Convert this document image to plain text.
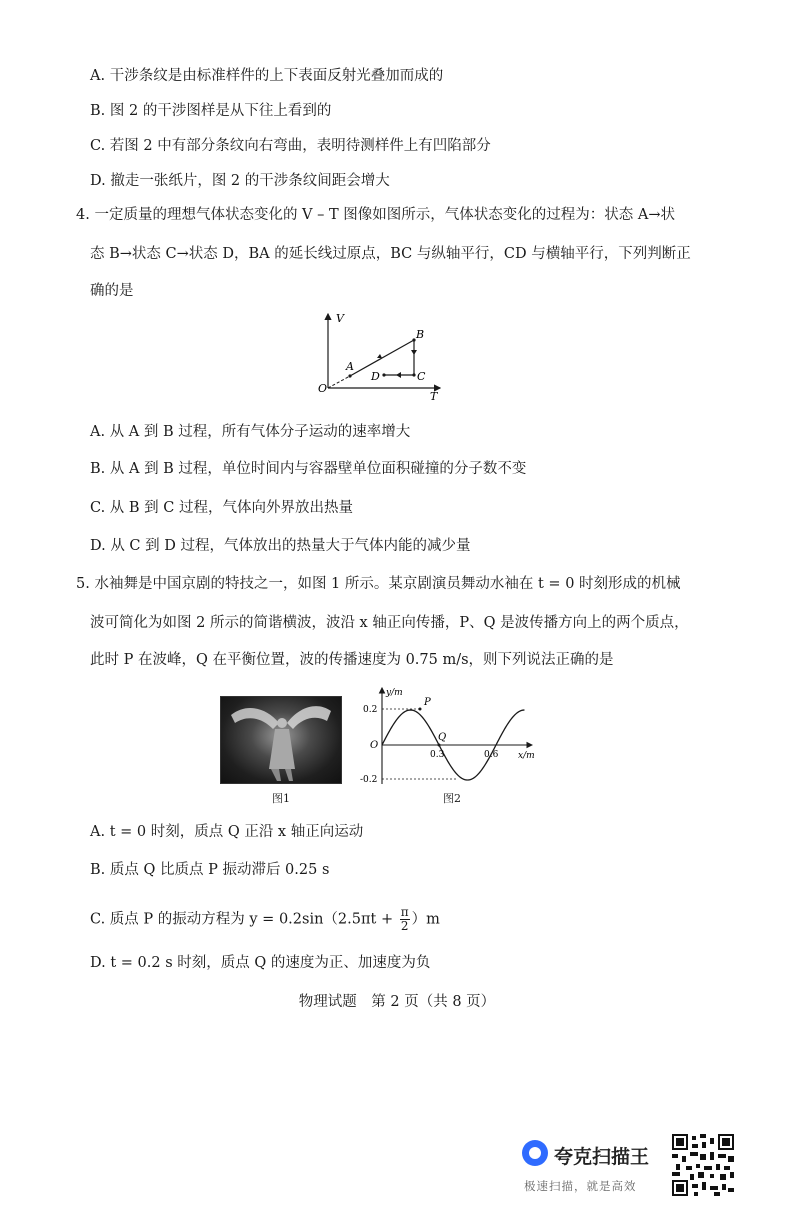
A. 干涉条纹是由标准样件的上下表面反射光叠加而成的
B. 图 2 的干涉图样是从下往上看到的
C. 若图 2 中有部分条纹向右弯曲，表明待测样件上有凹陷部分
D. 撤走一张纸片，图 2 的干涉条纹间距会增大
4. 一定质量的理想气体状态变化的 V – T 图像如图所示，气体状态变化的过程为：状态 A→状
态 B→状态 C→状态 D，BA 的延长线过原点，BC 与纵轴平行，CD 与横轴平行，下列判断正
确的是
V
T
O
A
B
C
D
A. 从 A 到 B 过程，所有气体分子运动的速率增大
B. 从 A 到 B 过程，单位时间内与容器壁单位面积碰撞的分子数不变
C. 从 B 到 C 过程，气体向外界放出热量
D. 从 C 到 D 过程，气体放出的热量大于气体内能的减少量
5. 水袖舞是中国京剧的特技之一，如图 1 所示。某京剧演员舞动水袖在 t = 0 时刻形成的机械
波可简化为如图 2 所示的简谐横波，波沿 x 轴正向传播，P、Q 是波传播方向上的两个质点，
此时 P 在波峰，Q 在平衡位置，波的传播速度为 0.75 m/s，则下列说法正确的是
图1
y/m
x/m
O
0.2
-0.2
0.3	0.6
P
Q
图2
A. t = 0 时刻，质点 Q 正沿 x 轴正向运动
B. 质点 Q 比质点 P 振动滞后 0.25 s
C. 质点 P 的振动方程为 $y = 0.2\sin(2.5\pi t + \frac{\pi}{2} )m$
D. t = 0.2 s 时刻，质点 Q 的速度为正、加速度为负
物理试题　第 2 页（共 8 页）
夸克扫描王
极速扫描，就是高效
